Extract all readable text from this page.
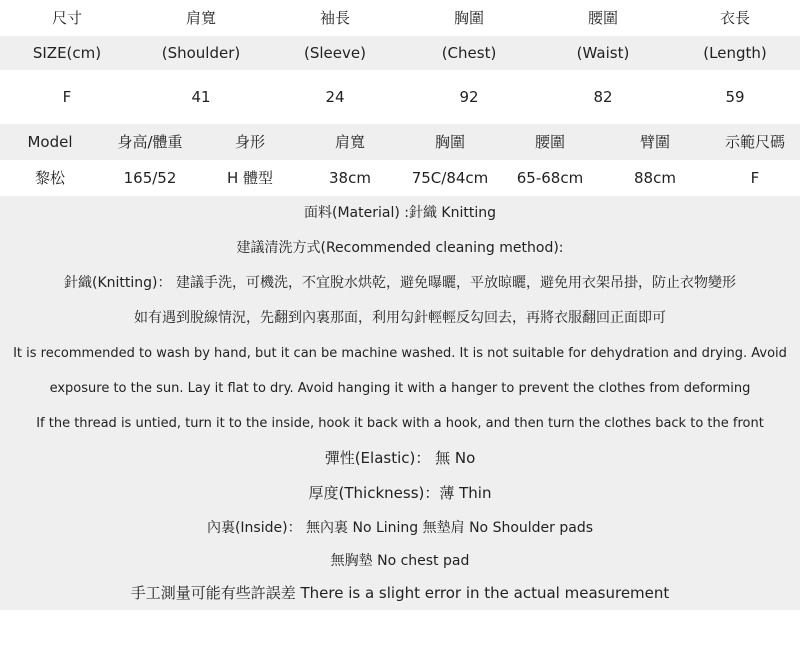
尺寸	肩寬	袖長	胸圍	腰圍	衣長
SIZE(cm)	(Shoulder)	(Sleeve)	(Chest)	(Waist)	(Length)
F	41	24	92	82	59
Model	身高/體重	身形	肩寬	胸圍	腰圍	臂圍	示範尺碼
黎松	165/52	H 體型	38cm	75C/84cm	65-68cm	88cm	F
面料(Material) :針織 Knitting
建議清洗方式(Recommended cleaning method):
針織(Knitting)： 建議手洗，可機洗，不宜脫水烘乾，避免曝曬，平放晾曬，避免用衣架吊掛，防止衣物變形
如有遇到脫線情況，先翻到內裏那面，利用勾針輕輕反勾回去，再將衣服翻回正面即可
It is recommended to wash by hand, but it can be machine washed. It is not suitable for dehydration and drying. Avoid
exposure to the sun. Lay it flat to dry. Avoid hanging it with a hanger to prevent the clothes from deforming
If the thread is untied, turn it to the inside, hook it back with a hook, and then turn the clothes back to the front
彈性(Elastic)： 無 No
厚度(Thickness)：薄 Thin
內裏(Inside)： 無內裏 No Lining 無墊肩 No Shoulder pads
無胸墊 No chest pad
手工測量可能有些許誤差 There is a slight error in the actual measurement
